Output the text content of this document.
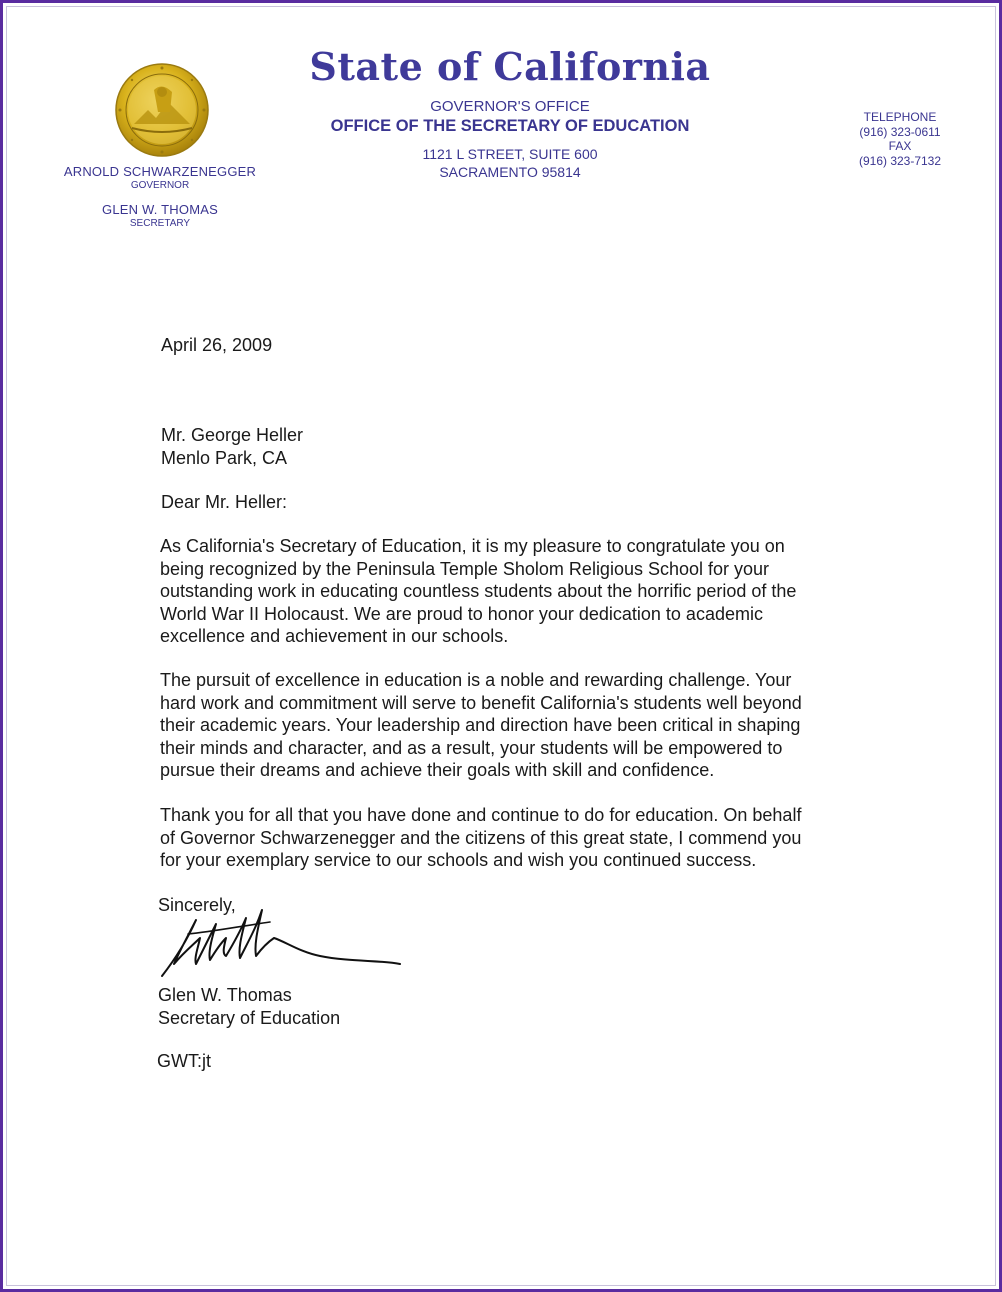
ARNOLD SCHWARZENEGGER
GOVERNOR
GLEN W. THOMAS
SECRETARY
State of California
GOVERNOR'S OFFICE
OFFICE OF THE SECRETARY OF EDUCATION
1121 L STREET, SUITE 600
SACRAMENTO 95814
TELEPHONE
(916) 323-0611
FAX
(916) 323-7132
April 26, 2009
Mr. George Heller
Menlo Park, CA
Dear Mr. Heller:
As California's Secretary of Education, it is my pleasure to congratulate you on
being recognized by the Peninsula Temple Sholom Religious School for your
outstanding work in educating countless students about the horrific period of the
World War II Holocaust. We are proud to honor your dedication to academic
excellence and achievement in our schools.
The pursuit of excellence in education is a noble and rewarding challenge. Your
hard work and commitment will serve to benefit California's students well beyond
their academic years. Your leadership and direction have been critical in shaping
their minds and character, and as a result, your students will be empowered to
pursue their dreams and achieve their goals with skill and confidence.
Thank you for all that you have done and continue to do for education. On behalf
of Governor Schwarzenegger and the citizens of this great state, I commend you
for your exemplary service to our schools and wish you continued success.
Sincerely,
Glen W. Thomas
Secretary of Education
GWT:jt
